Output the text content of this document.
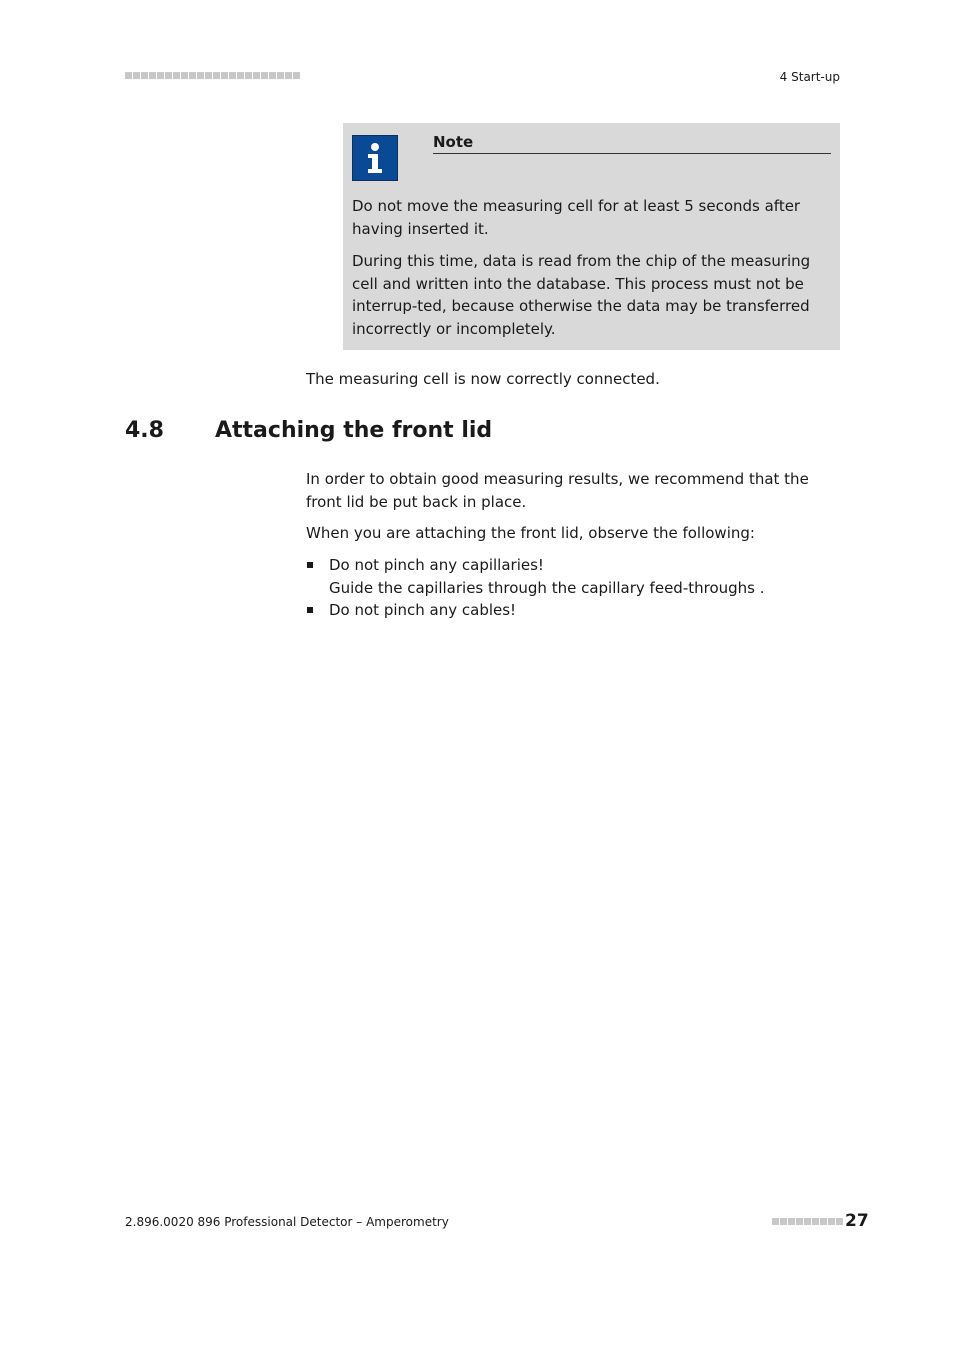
4 Start-up
Note

Do not move the measuring cell for at least 5 seconds after having inserted it.

During this time, data is read from the chip of the measuring cell and written into the database. This process must not be interrup-ted, because otherwise the data may be transferred incorrectly or incompletely.

The measuring cell is now correctly connected.

4.8 Attaching the front lid

In order to obtain good measuring results, we recommend that the front lid be put back in place.

When you are attaching the front lid, observe the following:

Do not pinch any capillaries!
Guide the capillaries through the capillary feed-throughs .
Do not pinch any cables!
2.896.0020 896 Professional Detector – Amperometry	27
